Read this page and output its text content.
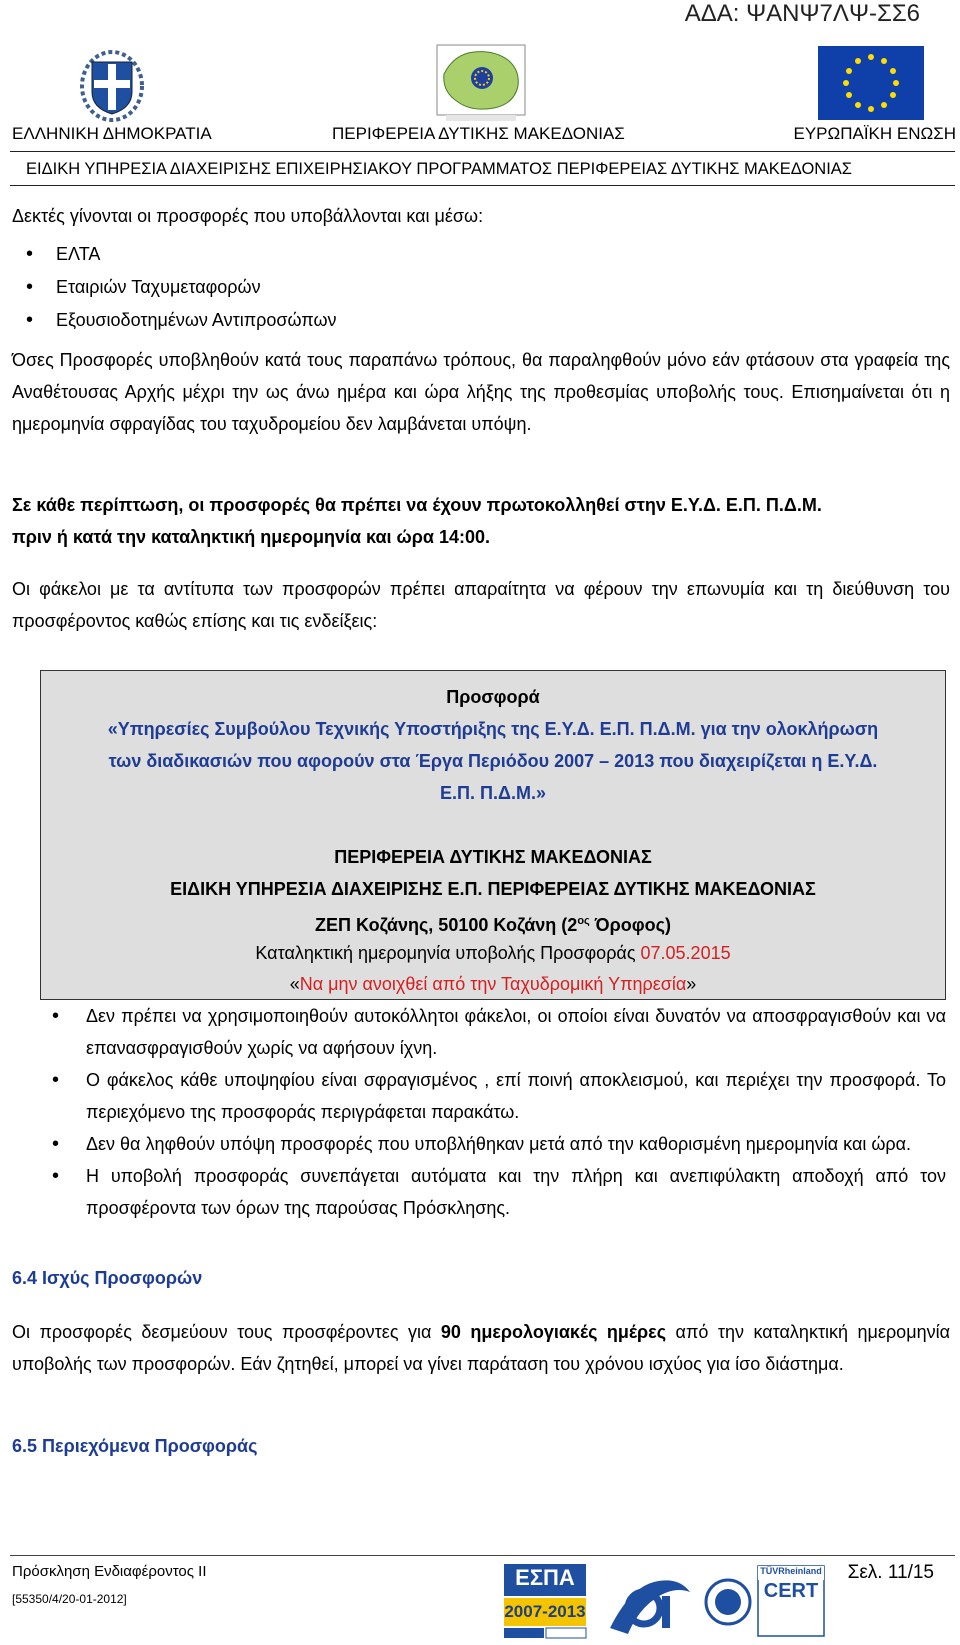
ΑΔΑ: ΨΑΝΨ7ΛΨ-ΣΣ6
ΕΛΛΗΝΙΚΗ ΔΗΜΟΚΡΑΤΙΑ	ΠΕΡΙΦΕΡΕΙΑ ΔΥΤΙΚΗΣ ΜΑΚΕΔΟΝΙΑΣ	ΕΥΡΩΠΑΪΚΗ ΕΝΩΣΗ
ΕΙΔΙΚΗ ΥΠΗΡΕΣΙΑ ΔΙΑΧΕΙΡΙΣΗΣ ΕΠΙΧΕΙΡΗΣΙΑΚΟΥ ΠΡΟΓΡΑΜΜΑΤΟΣ ΠΕΡΙΦΕΡΕΙΑΣ ΔΥΤΙΚΗΣ ΜΑΚΕΔΟΝΙΑΣ
Δεκτές γίνονται οι προσφορές που υποβάλλονται και μέσω:
• ΕΛΤΑ
• Εταιριών Ταχυμεταφορών
• Εξουσιοδοτημένων Αντιπροσώπων
Όσες Προσφορές υποβληθούν κατά τους παραπάνω τρόπους, θα παραληφθούν μόνο εάν φτάσουν στα γραφεία της Αναθέτουσας Αρχής μέχρι την ως άνω ημέρα και ώρα λήξης της προθεσμίας υποβολής τους. Επισημαίνεται ότι η ημερομηνία σφραγίδας του ταχυδρομείου δεν λαμβάνεται υπόψη.
Σε κάθε περίπτωση, οι προσφορές θα πρέπει να έχουν πρωτοκολληθεί στην Ε.Υ.Δ. Ε.Π. Π.Δ.Μ.
πριν ή κατά την καταληκτική ημερομηνία και ώρα 14:00.
Οι φάκελοι με τα αντίτυπα των προσφορών πρέπει απαραίτητα να φέρουν την επωνυμία και τη διεύθυνση του προσφέροντος καθώς επίσης και τις ενδείξεις:
Προσφορά
«Υπηρεσίες Συμβούλου Τεχνικής Υποστήριξης της Ε.Υ.Δ. Ε.Π. Π.Δ.Μ. για την ολοκλήρωση
των διαδικασιών που αφορούν στα Έργα Περιόδου 2007 – 2013 που διαχειρίζεται η Ε.Υ.Δ.
Ε.Π. Π.Δ.Μ.»
ΠΕΡΙΦΕΡΕΙΑ ΔΥΤΙΚΗΣ ΜΑΚΕΔΟΝΙΑΣ
ΕΙΔΙΚΗ ΥΠΗΡΕΣΙΑ ΔΙΑΧΕΙΡΙΣΗΣ Ε.Π. ΠΕΡΙΦΕΡΕΙΑΣ ΔΥΤΙΚΗΣ ΜΑΚΕΔΟΝΙΑΣ
ΖΕΠ Κοζάνης, 50100 Κοζάνη ($2^{o\varsigma}$ Όροφος)
Καταληκτική ημερομηνία υποβολής Προσφοράς 07.05.2015
«Να μην ανοιχθεί από την Ταχυδρομική Υπηρεσία»
• Δεν πρέπει να χρησιμοποιηθούν αυτοκόλλητοι φάκελοι, οι οποίοι είναι δυνατόν να αποσφραγισθούν και να επανασφραγισθούν χωρίς να αφήσουν ίχνη.
• Ο φάκελος κάθε υποψηφίου είναι σφραγισμένος , επί ποινή αποκλεισμού, και περιέχει την προσφορά. Το περιεχόμενο της προσφοράς περιγράφεται παρακάτω.
• Δεν θα ληφθούν υπόψη προσφορές που υποβλήθηκαν μετά από την καθορισμένη ημερομηνία και ώρα.
• Η υποβολή προσφοράς συνεπάγεται αυτόματα και την πλήρη και ανεπιφύλακτη αποδοχή από τον προσφέροντα των όρων της παρούσας Πρόσκλησης.
6.4 Ισχύς Προσφορών
Οι προσφορές δεσμεύουν τους προσφέροντες για 90 ημερολογιακές ημέρες από την καταληκτική ημερομηνία υποβολής των προσφορών. Εάν ζητηθεί, μπορεί να γίνει παράταση του χρόνου ισχύος για ίσο διάστημα.
6.5 Περιεχόμενα Προσφοράς
Πρόσκληση Ενδιαφέροντος ΙΙ
[55350/4/20-01-2012]
ΕΣΠΑ
2007-2013
TÜVRheinland
CERT
Σελ. 11/15
